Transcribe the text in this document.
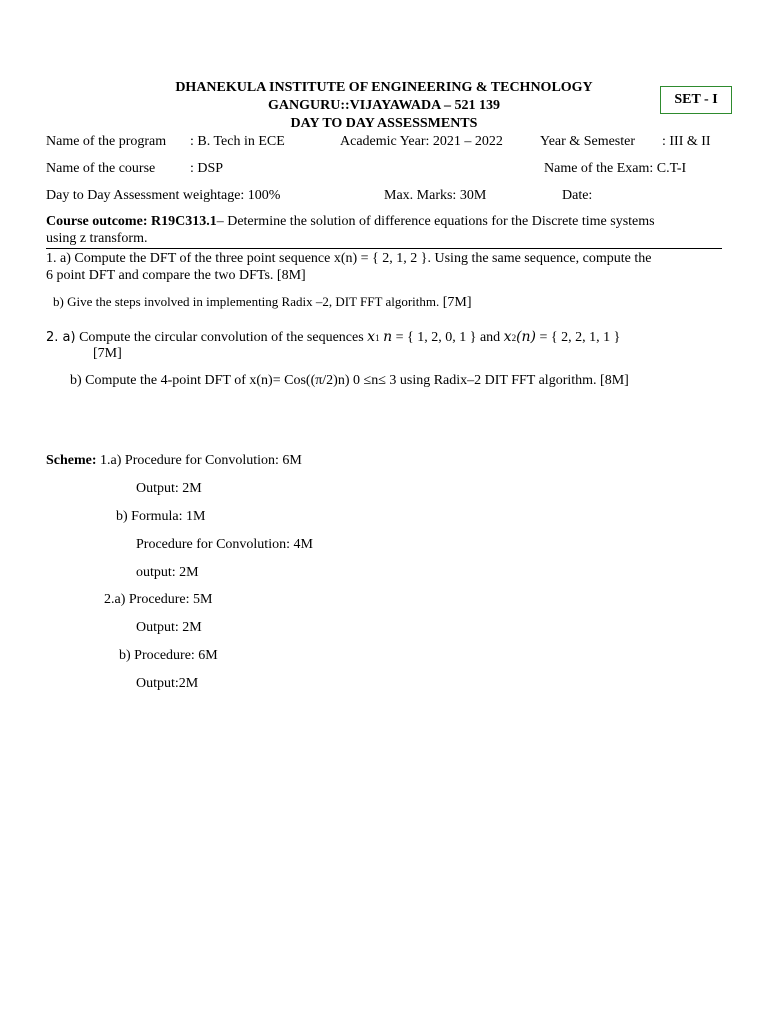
DHANEKULA INSTITUTE OF ENGINEERING & TECHNOLOGY
GANGURU::VIJAYAWADA – 521 139
DAY TO DAY ASSESSMENTS
SET - I
Name of the program : B. Tech in ECE	Academic Year: 2021 – 2022	Year & Semester : III & II
Name of the course : DSP	Name of the Exam: C.T-I
Day to Day Assessment weightage: 100%	Max. Marks: 30M	Date:
Course outcome: R19C313.1– Determine the solution of difference equations for the Discrete time systems
using z transform.
1. a) Compute the DFT of the three point sequence x(n) = { 2, 1, 2 }. Using the same sequence, compute the
6 point DFT and compare the two DFTs. [8M]
b) Give the steps involved in implementing Radix –2, DIT FFT algorithm. [7M]
2. a) Compute the circular convolution of the sequences x1 n = { 1, 2, 0, 1 } and x2(n) = { 2, 2, 1, 1 }
[7M]
b) Compute the 4-point DFT of x(n)= Cos((π/2)n) 0 ≤n≤ 3 using Radix–2 DIT FFT algorithm. [8M]
Scheme: 1.a) Procedure for Convolution: 6M
Output: 2M
b) Formula: 1M
Procedure for Convolution: 4M
output: 2M
2.a) Procedure: 5M
Output: 2M
b) Procedure: 6M
Output:2M
